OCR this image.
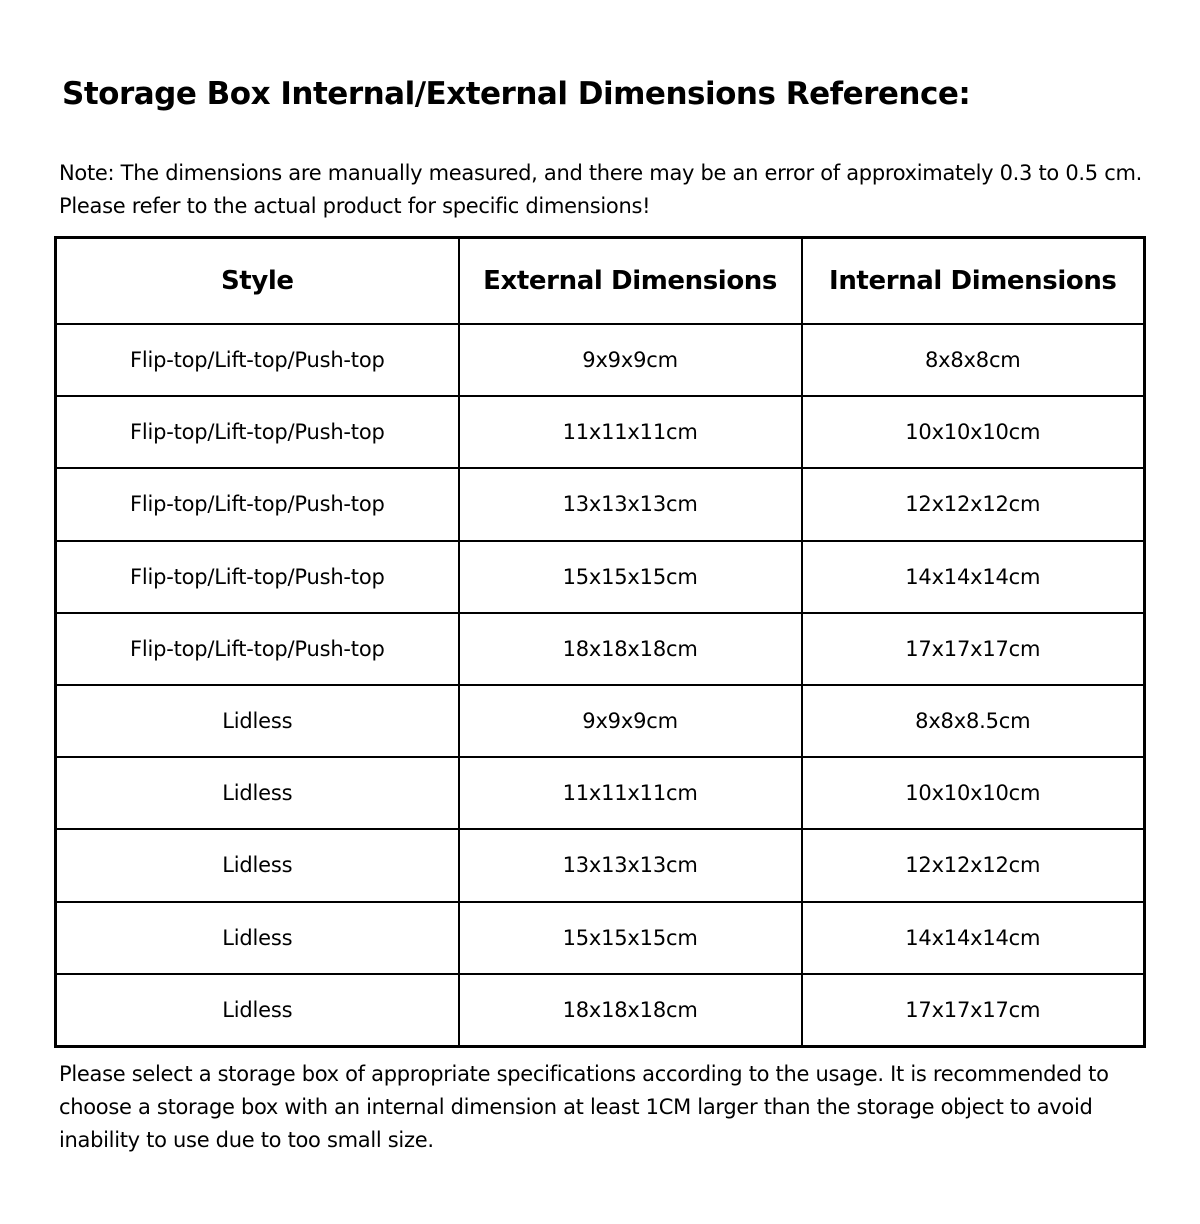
Storage Box Internal/External Dimensions Reference:
Note: The dimensions are manually measured, and there may be an error of approximately 0.3 to 0.5 cm. Please refer to the actual product for specific dimensions!
Style	External Dimensions	Internal Dimensions
Flip-top/Lift-top/Push-top	9x9x9cm	8x8x8cm
Flip-top/Lift-top/Push-top	11x11x11cm	10x10x10cm
Flip-top/Lift-top/Push-top	13x13x13cm	12x12x12cm
Flip-top/Lift-top/Push-top	15x15x15cm	14x14x14cm
Flip-top/Lift-top/Push-top	18x18x18cm	17x17x17cm
Lidless	9x9x9cm	8x8x8.5cm
Lidless	11x11x11cm	10x10x10cm
Lidless	13x13x13cm	12x12x12cm
Lidless	15x15x15cm	14x14x14cm
Lidless	18x18x18cm	17x17x17cm
Please select a storage box of appropriate specifications according to the usage. It is recommended to choose a storage box with an internal dimension at least 1CM larger than the storage object to avoid inability to use due to too small size.
